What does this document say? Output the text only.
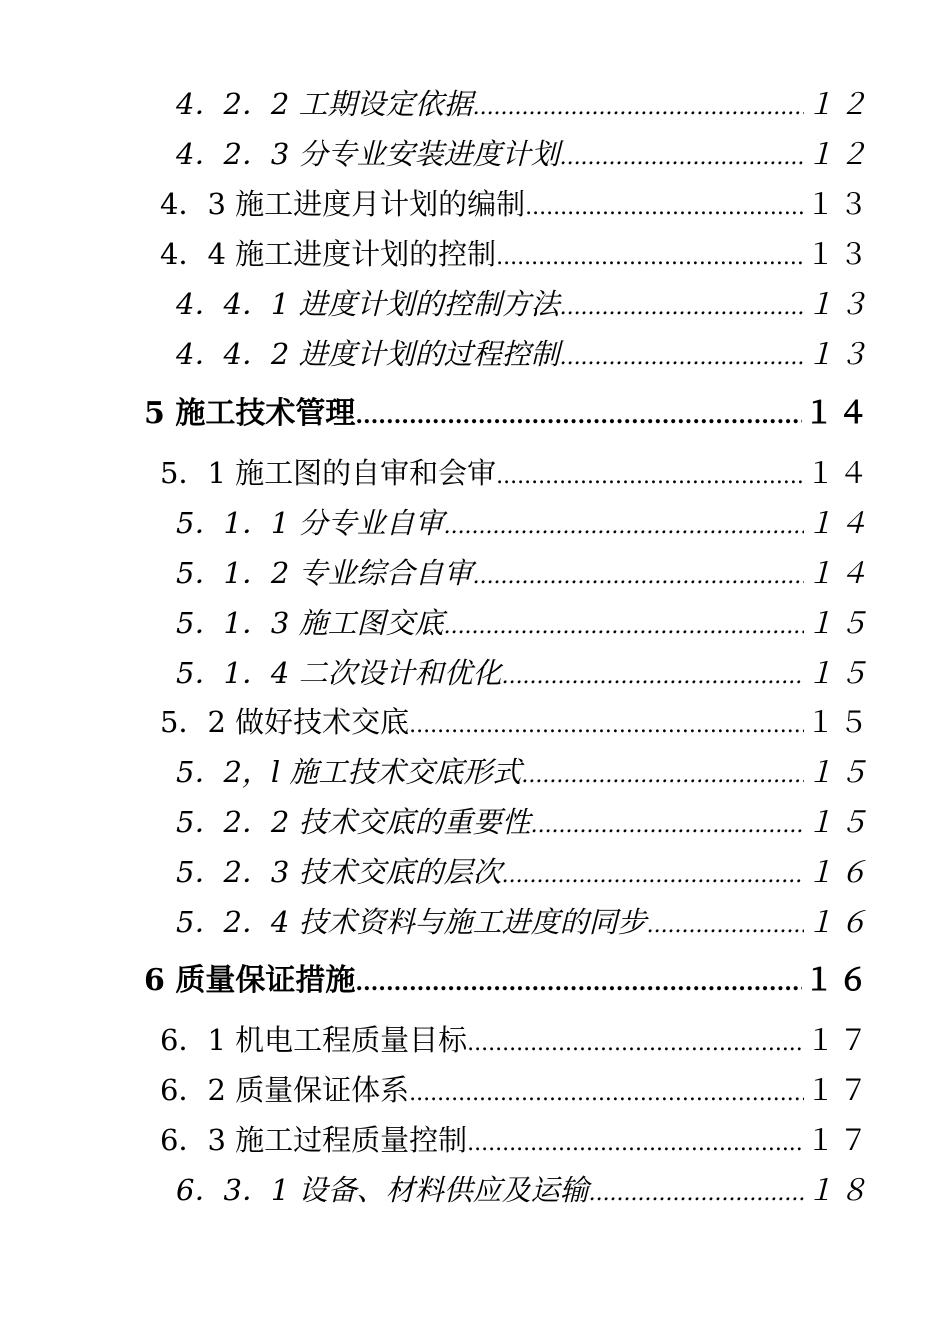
4．2．2 工期设定依据 .....	１２
4．2．3 分专业安装进度计划 .....	１２
4．3 施工进度月计划的编制 .....	１３
4．4 施工进度计划的控制 .....	１３
4．4．1 进度计划的控制方法 .....	１３
4．4．2 进度计划的过程控制 .....	１３
5 施工技术管理 .....	１４
5．1 施工图的自审和会审 .....	１４
5．1．1 分专业自审 .....	１４
5．1．2 专业综合自审 .....	１４
5．1．3 施工图交底 .....	１５
5．1．4 二次设计和优化 .....	１５
5．2 做好技术交底 .....	１５
5．2，l 施工技术交底形式 .....	１５
5．2．2 技术交底的重要性 .....	１５
5．2．3 技术交底的层次 .....	１６
5．2．4 技术资料与施工进度的同步 .....	１６
6 质量保证措施 .....	１６
6．1 机电工程质量目标 .....	１７
6．2 质量保证体系 .....	１７
6．3 施工过程质量控制 .....	１７
6．3．1 设备、材料供应及运输 .....	１８
